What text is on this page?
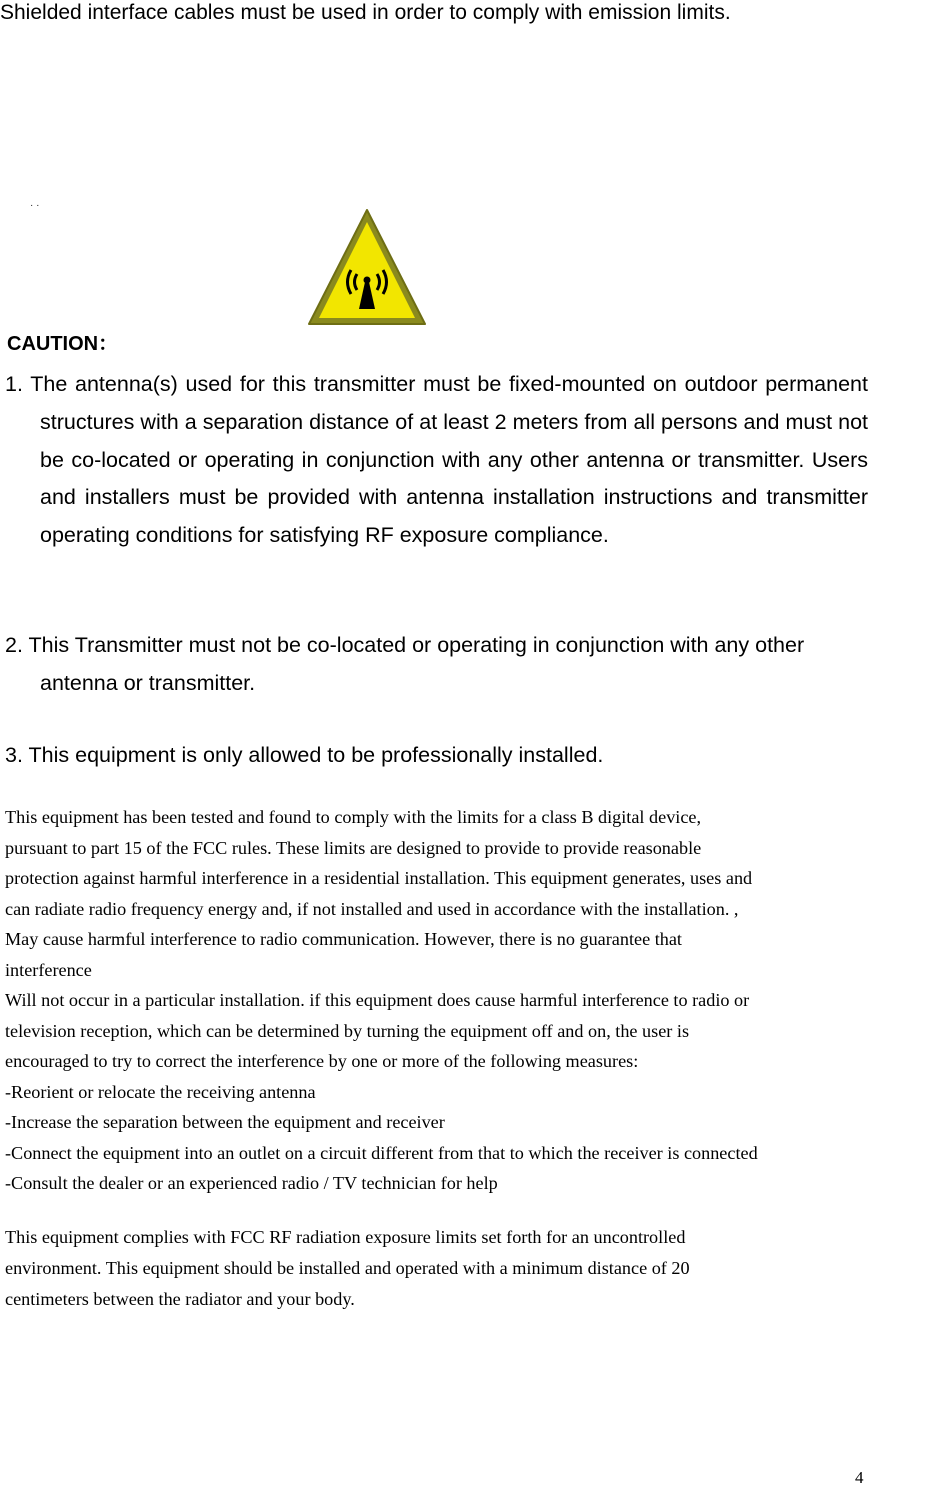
Shielded interface cables must be used in order to comply with emission limits.
· ·
CAUTION：

1. The antenna(s) used for this transmitter must be fixed-mounted on outdoor permanent structures with a separation distance of at least 2 meters from all persons and must not be co-located or operating in conjunction with any other antenna or transmitter. Users and installers must be provided with antenna installation instructions and transmitter operating conditions for satisfying RF exposure compliance.

2. This Transmitter must not be co-located or operating in conjunction with any other antenna or transmitter.

3. This equipment is only allowed to be professionally installed.

This equipment has been tested and found to comply with the limits for a class B digital device,

pursuant to part 15 of the FCC rules. These limits are designed to provide to provide reasonable

protection against harmful interference in a residential installation. This equipment generates, uses and

can radiate radio frequency energy and, if not installed and used in accordance with the installation. ,

May cause harmful interference to radio communication. However, there is no guarantee that

interference

Will not occur in a particular installation. if this equipment does cause harmful interference to radio or

television reception, which can be determined by turning the equipment off and on, the user is

encouraged to try to correct the interference by one or more of the following measures:

-Reorient or relocate the receiving antenna

-Increase the separation between the equipment and receiver

-Connect the equipment into an outlet on a circuit different from that to which the receiver is connected

-Consult the dealer or an experienced radio / TV technician for help

This equipment complies with FCC RF radiation exposure limits set forth for an uncontrolled

environment. This equipment should be installed and operated with a minimum distance of 20

centimeters between the radiator and your body.

4
